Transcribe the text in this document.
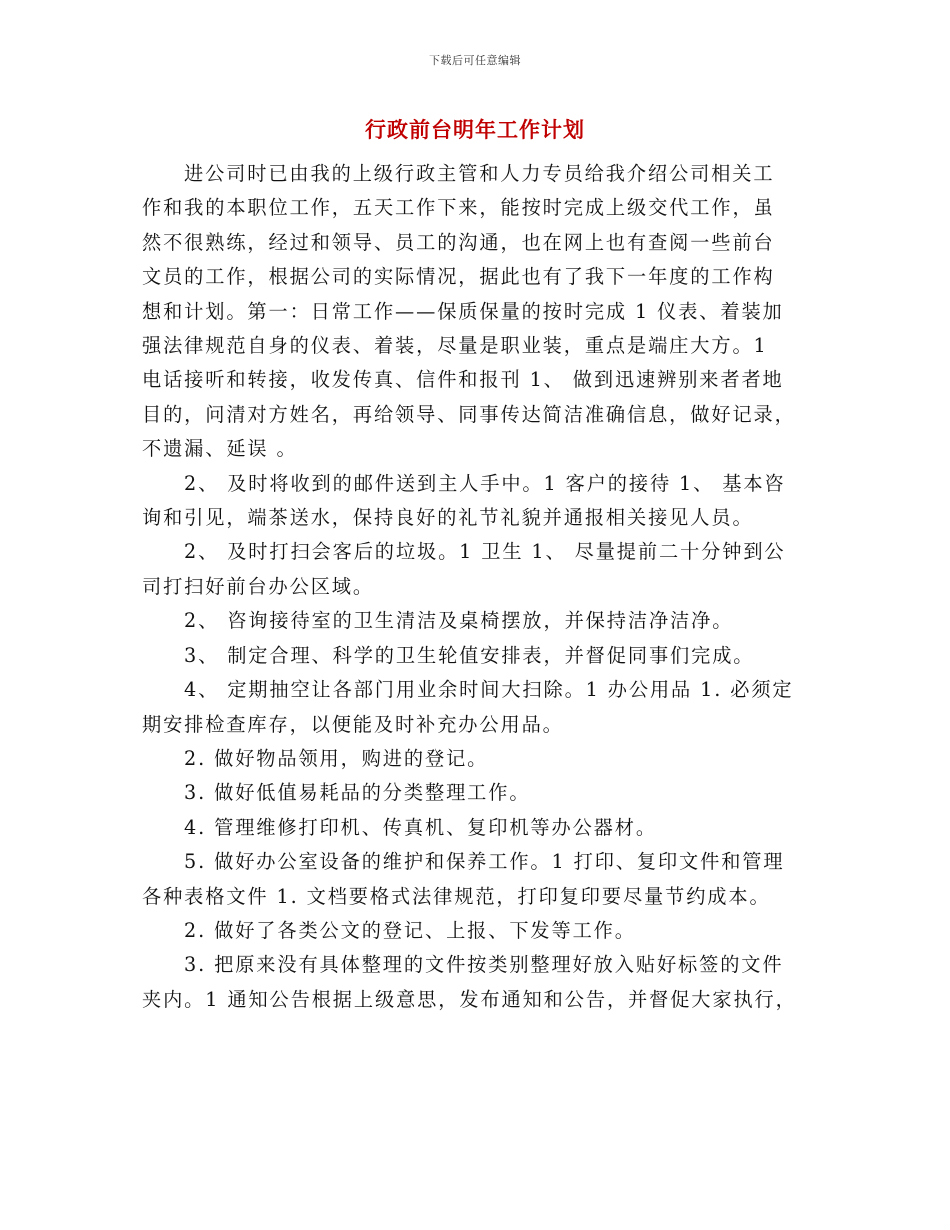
下载后可任意编辑
行政前台明年工作计划
进公司时已由我的上级行政主管和人力专员给我介绍公司相关工
作和我的本职位工作，五天工作下来，能按时完成上级交代工作，虽
然不很熟练，经过和领导、员工的沟通，也在网上也有查阅一些前台
文员的工作，根据公司的实际情况，据此也有了我下一年度的工作构
想和计划。第一：日常工作——保质保量的按时完成 1 仪表、着装加
强法律规范自身的仪表、着装，尽量是职业装，重点是端庄大方。1
电话接听和转接，收发传真、信件和报刊 1、 做到迅速辨别来者者地
目的，问清对方姓名，再给领导、同事传达简洁准确信息，做好记录，
不遗漏、延误 。
2、 及时将收到的邮件送到主人手中。1 客户的接待 1、 基本咨
询和引见，端茶送水，保持良好的礼节礼貌并通报相关接见人员。
2、 及时打扫会客后的垃圾。1 卫生 1、 尽量提前二十分钟到公
司打扫好前台办公区域。
2、 咨询接待室的卫生清洁及桌椅摆放，并保持洁净洁净。
3、 制定合理、科学的卫生轮值安排表，并督促同事们完成。
4、 定期抽空让各部门用业余时间大扫除。1 办公用品 1. 必须定
期安排检查库存，以便能及时补充办公用品。
2. 做好物品领用，购进的登记。
3. 做好低值易耗品的分类整理工作。
4. 管理维修打印机、传真机、复印机等办公器材。
5. 做好办公室设备的维护和保养工作。1 打印、复印文件和管理
各种表格文件 1. 文档要格式法律规范，打印复印要尽量节约成本。
2. 做好了各类公文的登记、上报、下发等工作。
3. 把原来没有具体整理的文件按类别整理好放入贴好标签的文件
夹内。1 通知公告根据上级意思，发布通知和公告，并督促大家执行，
